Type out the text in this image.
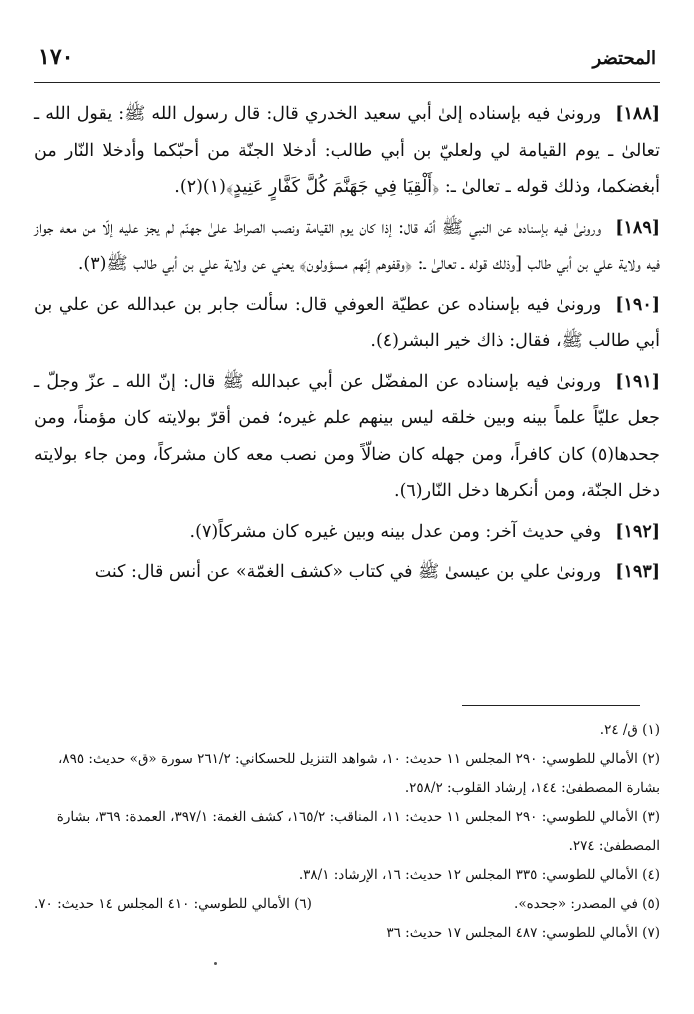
١٧٠	المحتضر

[١٨٨]ورونىٰ فيه بإسناده إلىٰ أبي سعيد الخدري قال: قال رسول الله ﷺ: يقول الله ـ تعالىٰ ـ يوم القيامة لي ولعليّ بن أبي طالب: أدخلا الجنّة من أحبّكما وأدخلا النّار من أبغضكما، وذلك قوله ـ تعالىٰ ـ: ﴿أَلْقِيَا فِي جَهَنَّمَ كُلَّ كَفَّارٍ عَنِيدٍ﴾(١)(٢).

[١٨٩]ورونىٰ فيه بإسناده عن النبي ﷺ أنّه قال: إذا كان يوم القيامة ونصب الصراط علىٰ جهنّم لم يجز عليه إلّا من معه جواز فيه ولاية علي بن أبي طالب [وذلك قوله ـ تعالىٰ ـ: ﴿وقفوهم إنّهم مسؤولون﴾ يعني عن ولاية علي بن أبي طالب ﷺ(٣).

[١٩٠]ورونىٰ فيه بإسناده عن عطيّة العوفي قال: سألت جابر بن عبدالله عن علي بن أبي طالب ﷺ، فقال: ذاك خير البشر(٤).

[١٩١]ورونىٰ فيه بإسناده عن المفضّل عن أبي عبدالله ﷺ قال: إنّ الله ـ عزّ وجلّ ـ جعل عليّاً علماً بينه وبين خلقه ليس بينهم علم غيره؛ فمن أقرّ بولايته كان مؤمناً، ومن جحدها(٥) كان كافراً، ومن جهله كان ضالّاً ومن نصب معه كان مشركاً، ومن جاء بولايته دخل الجنّة، ومن أنكرها دخل النّار(٦).

[١٩٢]وفي حديث آخر: ومن عدل بينه وبين غيره كان مشركاً(٧).

[١٩٣]ورونىٰ علي بن عيسىٰ ﷺ في كتاب «كشف الغمّة» عن أنس قال: كنت

(١) ق/ ٢٤.

(٢) الأمالي للطوسي: ٢٩٠ المجلس ١١ حديث: ١٠، شواهد التنزيل للحسكاني: ٢٦١/٢ سورة «ق» حديث: ٨٩٥، بشارة المصطفىٰ: ١٤٤، إرشاد القلوب: ٢٥٨/٢.

(٣) الأمالي للطوسي: ٢٩٠ المجلس ١١ حديث: ١١، المناقب: ١٦٥/٢، كشف الغمة: ٣٩٧/١، العمدة: ٣٦٩، بشارة المصطفىٰ: ٢٧٤.

(٤) الأمالي للطوسي: ٣٣٥ المجلس ١٢ حديث: ١٦، الإرشاد: ٣٨/١.

(٥) في المصدر: «جحده».
(٦) الأمالي للطوسي: ٤١٠ المجلس ١٤ حديث: ٧٠.

(٧) الأمالي للطوسي: ٤٨٧ المجلس ١٧ حديث: ٣٦
